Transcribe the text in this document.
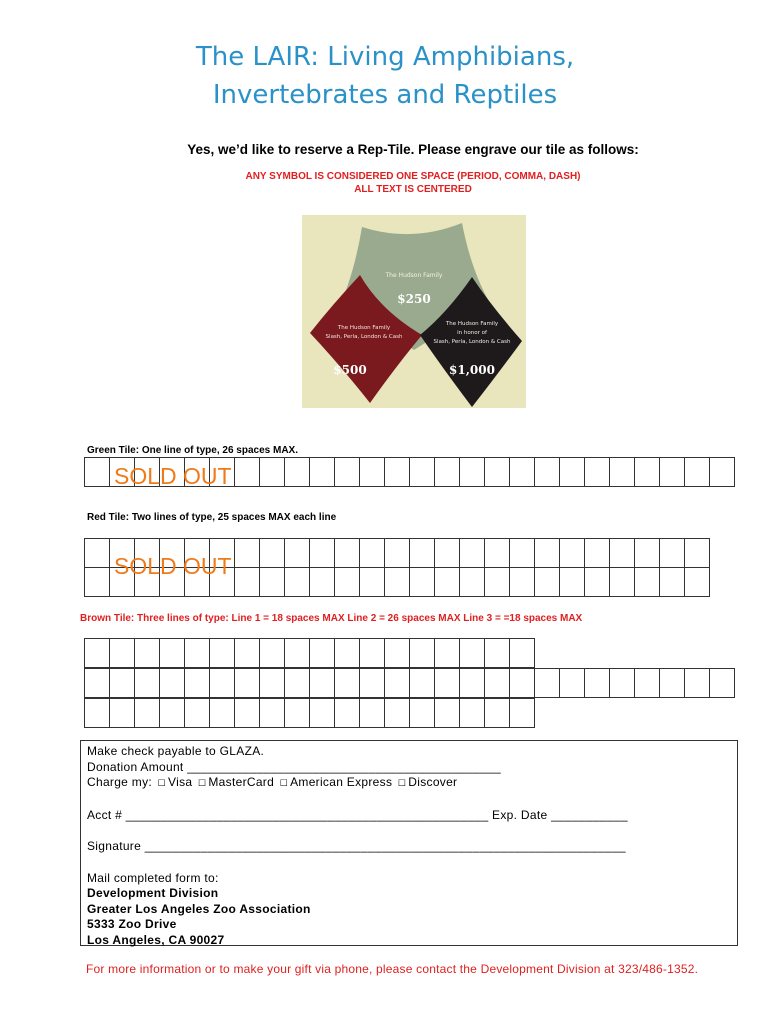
The LAIR: Living Amphibians,
Invertebrates and Reptiles
Yes, we’d like to reserve a Rep-Tile. Please engrave our tile as follows:
ANY SYMBOL IS CONSIDERED ONE SPACE (PERIOD, COMMA, DASH)
ALL TEXT IS CENTERED
The Hudson Family
$250
The Hudson Family
Slash, Perla, London & Cash
$500
The Hudson Family
in honor of
Slash, Perla, London & Cash
$1,000
Green Tile: One line of type, 26 spaces MAX.

SOLD OUT
Red Tile: Two lines of type, 25 spaces MAX each line

SOLD OUT
Brown Tile: Three lines of type: Line 1 = 18 spaces MAX Line 2 = 26 spaces MAX Line 3 = =18 spaces MAX

Make check payable to GLAZA.
Donation Amount _____________________________________________
Charge my: ☐ Visa ☐ MasterCard ☐ American Express ☐ Discover
Acct # ____________________________________________________ Exp. Date ___________
Signature _____________________________________________________________________
Mail completed form to:
Development Division
Greater Los Angeles Zoo Association
5333 Zoo Drive
Los Angeles, CA 90027
For more information or to make your gift via phone, please contact the Development Division at 323/486-1352.
